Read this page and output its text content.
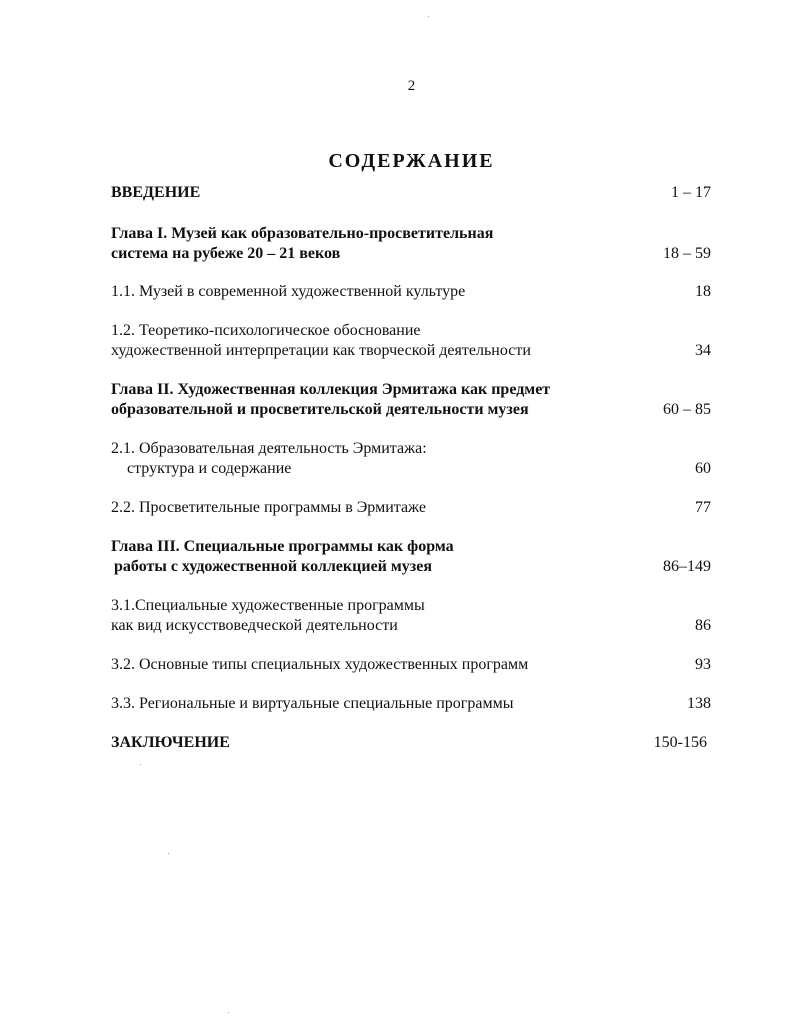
2
СОДЕРЖАНИЕ
ВВЕДЕНИЕ	1 – 17
Глава I. Музей как образовательно-просветительная
система на рубеже 20 – 21 веков	18 – 59
1.1. Музей в современной художественной культуре	18
1.2. Теоретико-психологическое обоснование
художественной интерпретации как творческой деятельности	34
Глава II. Художественная коллекция Эрмитажа как предмет
образовательной и просветительской деятельности музея	60 – 85
2.1. Образовательная деятельность Эрмитажа:
структура и содержание	60
2.2. Просветительные программы в Эрмитаже	77
Глава III. Специальные программы как форма
работы с художественной коллекцией музея	86–149
3.1.Специальные художественные программы
как вид искусствоведческой деятельности	86
3.2. Основные типы специальных художественных программ	93
3.3. Региональные и виртуальные специальные программы	138
ЗАКЛЮЧЕНИЕ	150-156
